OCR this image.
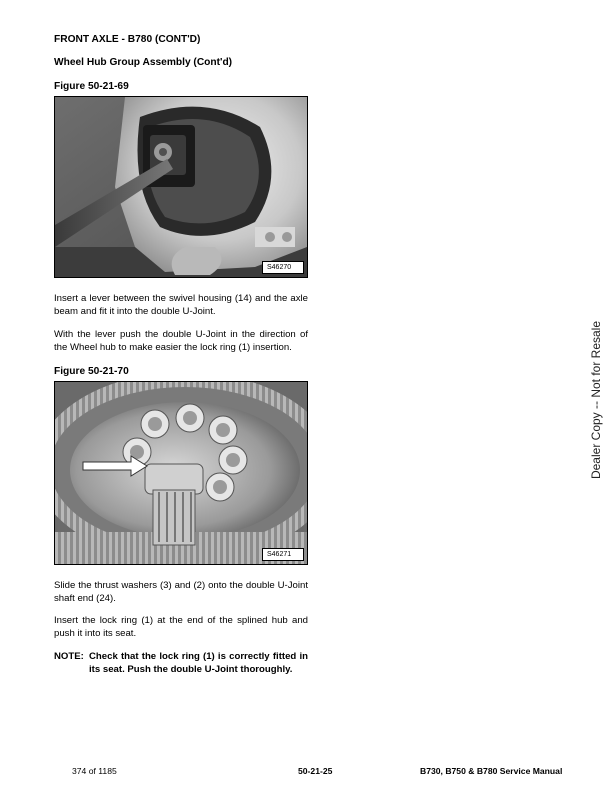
FRONT AXLE - B780 (CONT'D)
Wheel Hub Group Assembly (Cont'd)
Figure 50-21-69
S46270
Insert a lever between the swivel housing (14) and the axle beam and fit it into the double U-Joint.
With the lever push the double U-Joint in the direction of the Wheel hub to make easier the lock ring (1) insertion.
Figure 50-21-70
S46271
Slide the thrust washers (3) and (2) onto the double U-Joint shaft end (24).
Insert the lock ring (1) at the end of the splined hub and push it into its seat.
NOTE: Check that the lock ring (1) is correctly fitted in its seat. Push the double U-Joint thoroughly.
Dealer Copy -- Not for Resale
374 of 1185	50-21-25	B730, B750 & B780 Service Manual
